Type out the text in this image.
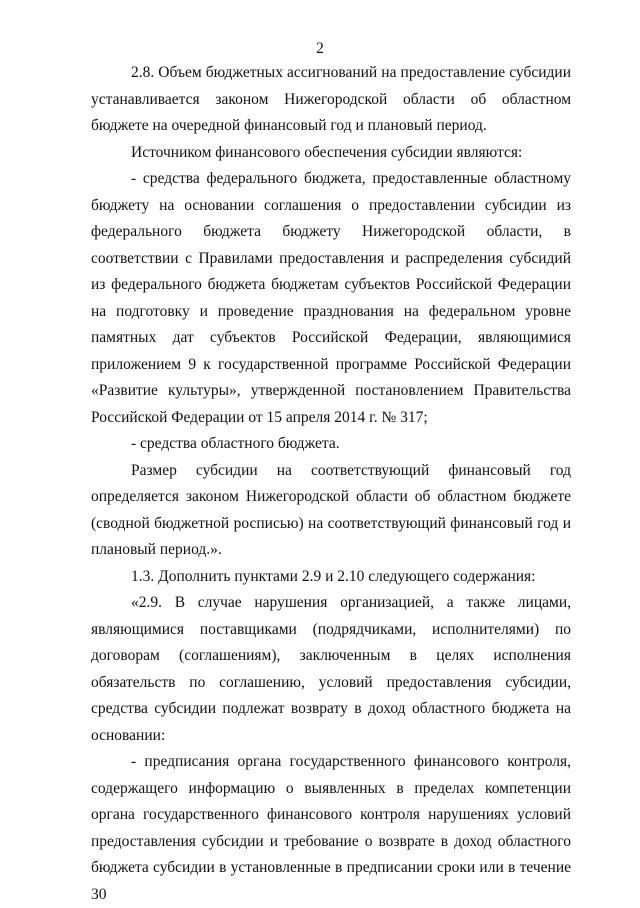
2

2.8. Объем бюджетных ассигнований на предоставление субсидии устанавливается законом Нижегородской области об областном бюджете на очередной финансовый год и плановый период.

Источником финансового обеспечения субсидии являются:

- средства федерального бюджета, предоставленные областному бюджету на основании соглашения о предоставлении субсидии из федерального бюджета бюджету Нижегородской области, в соответствии с Правилами предоставления и распределения субсидий из федерального бюджета бюджетам субъектов Российской Федерации на подготовку и проведение празднования на федеральном уровне памятных дат субъектов Российской Федерации, являющимися приложением 9 к государственной программе Российской Федерации «Развитие культуры», утвержденной постановлением Правительства Российской Федерации от 15 апреля 2014 г. № 317;

- средства областного бюджета.

Размер субсидии на соответствующий финансовый год определяется законом Нижегородской области об областном бюджете (сводной бюджетной росписью) на соответствующий финансовый год и плановый период.».

1.3. Дополнить пунктами 2.9 и 2.10 следующего содержания:

«2.9. В случае нарушения организацией, а также лицами, являющимися поставщиками (подрядчиками, исполнителями) по договорам (соглашениям), заключенным в целях исполнения обязательств по соглашению, условий предоставления субсидии, средства субсидии подлежат возврату в доход областного бюджета на основании:

- предписания органа государственного финансового контроля, содержащего информацию о выявленных в пределах компетенции органа государственного финансового контроля нарушениях условий предоставления субсидии и требование о возврате в доход областного бюджета субсидии в установленные в предписании сроки или в течение 30
